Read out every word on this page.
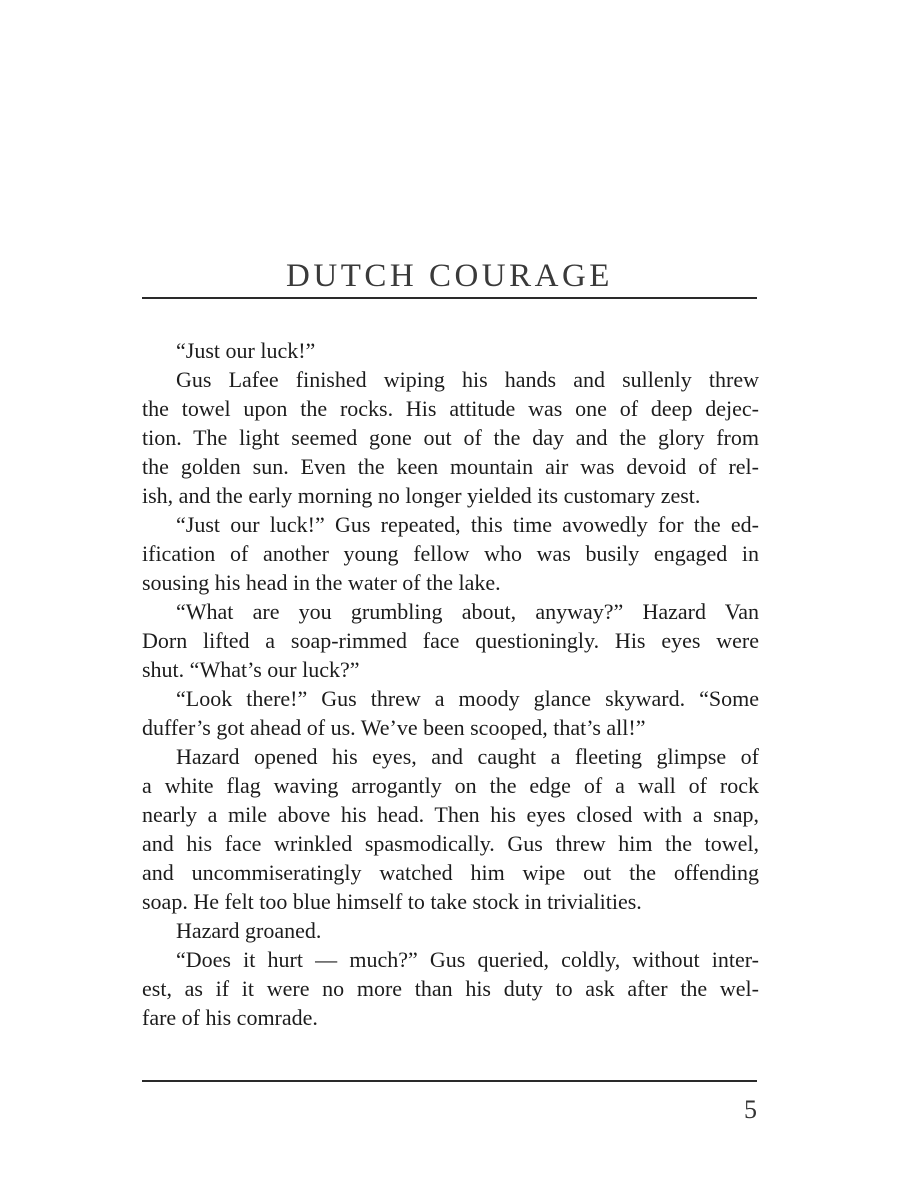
DUTCH COURAGE
“Just our luck!”
Gus Lafee finished wiping his hands and sullenly threw
the towel upon the rocks. His attitude was one of deep dejec-
tion. The light seemed gone out of the day and the glory from
the golden sun. Even the keen mountain air was devoid of rel-
ish, and the early morning no longer yielded its customary zest.
“Just our luck!” Gus repeated, this time avowedly for the ed-
ification of another young fellow who was busily engaged in
sousing his head in the water of the lake.
“What are you grumbling about, anyway?” Hazard Van
Dorn lifted a soap-rimmed face questioningly. His eyes were
shut. “What’s our luck?”
“Look there!” Gus threw a moody glance skyward. “Some
duffer’s got ahead of us. We’ve been scooped, that’s all!”
Hazard opened his eyes, and caught a fleeting glimpse of
a white flag waving arrogantly on the edge of a wall of rock
nearly a mile above his head. Then his eyes closed with a snap,
and his face wrinkled spasmodically. Gus threw him the towel,
and uncommiseratingly watched him wipe out the offending
soap. He felt too blue himself to take stock in trivialities.
Hazard groaned.
“Does it hurt — much?” Gus queried, coldly, without inter-
est, as if it were no more than his duty to ask after the wel-
fare of his comrade.
5
